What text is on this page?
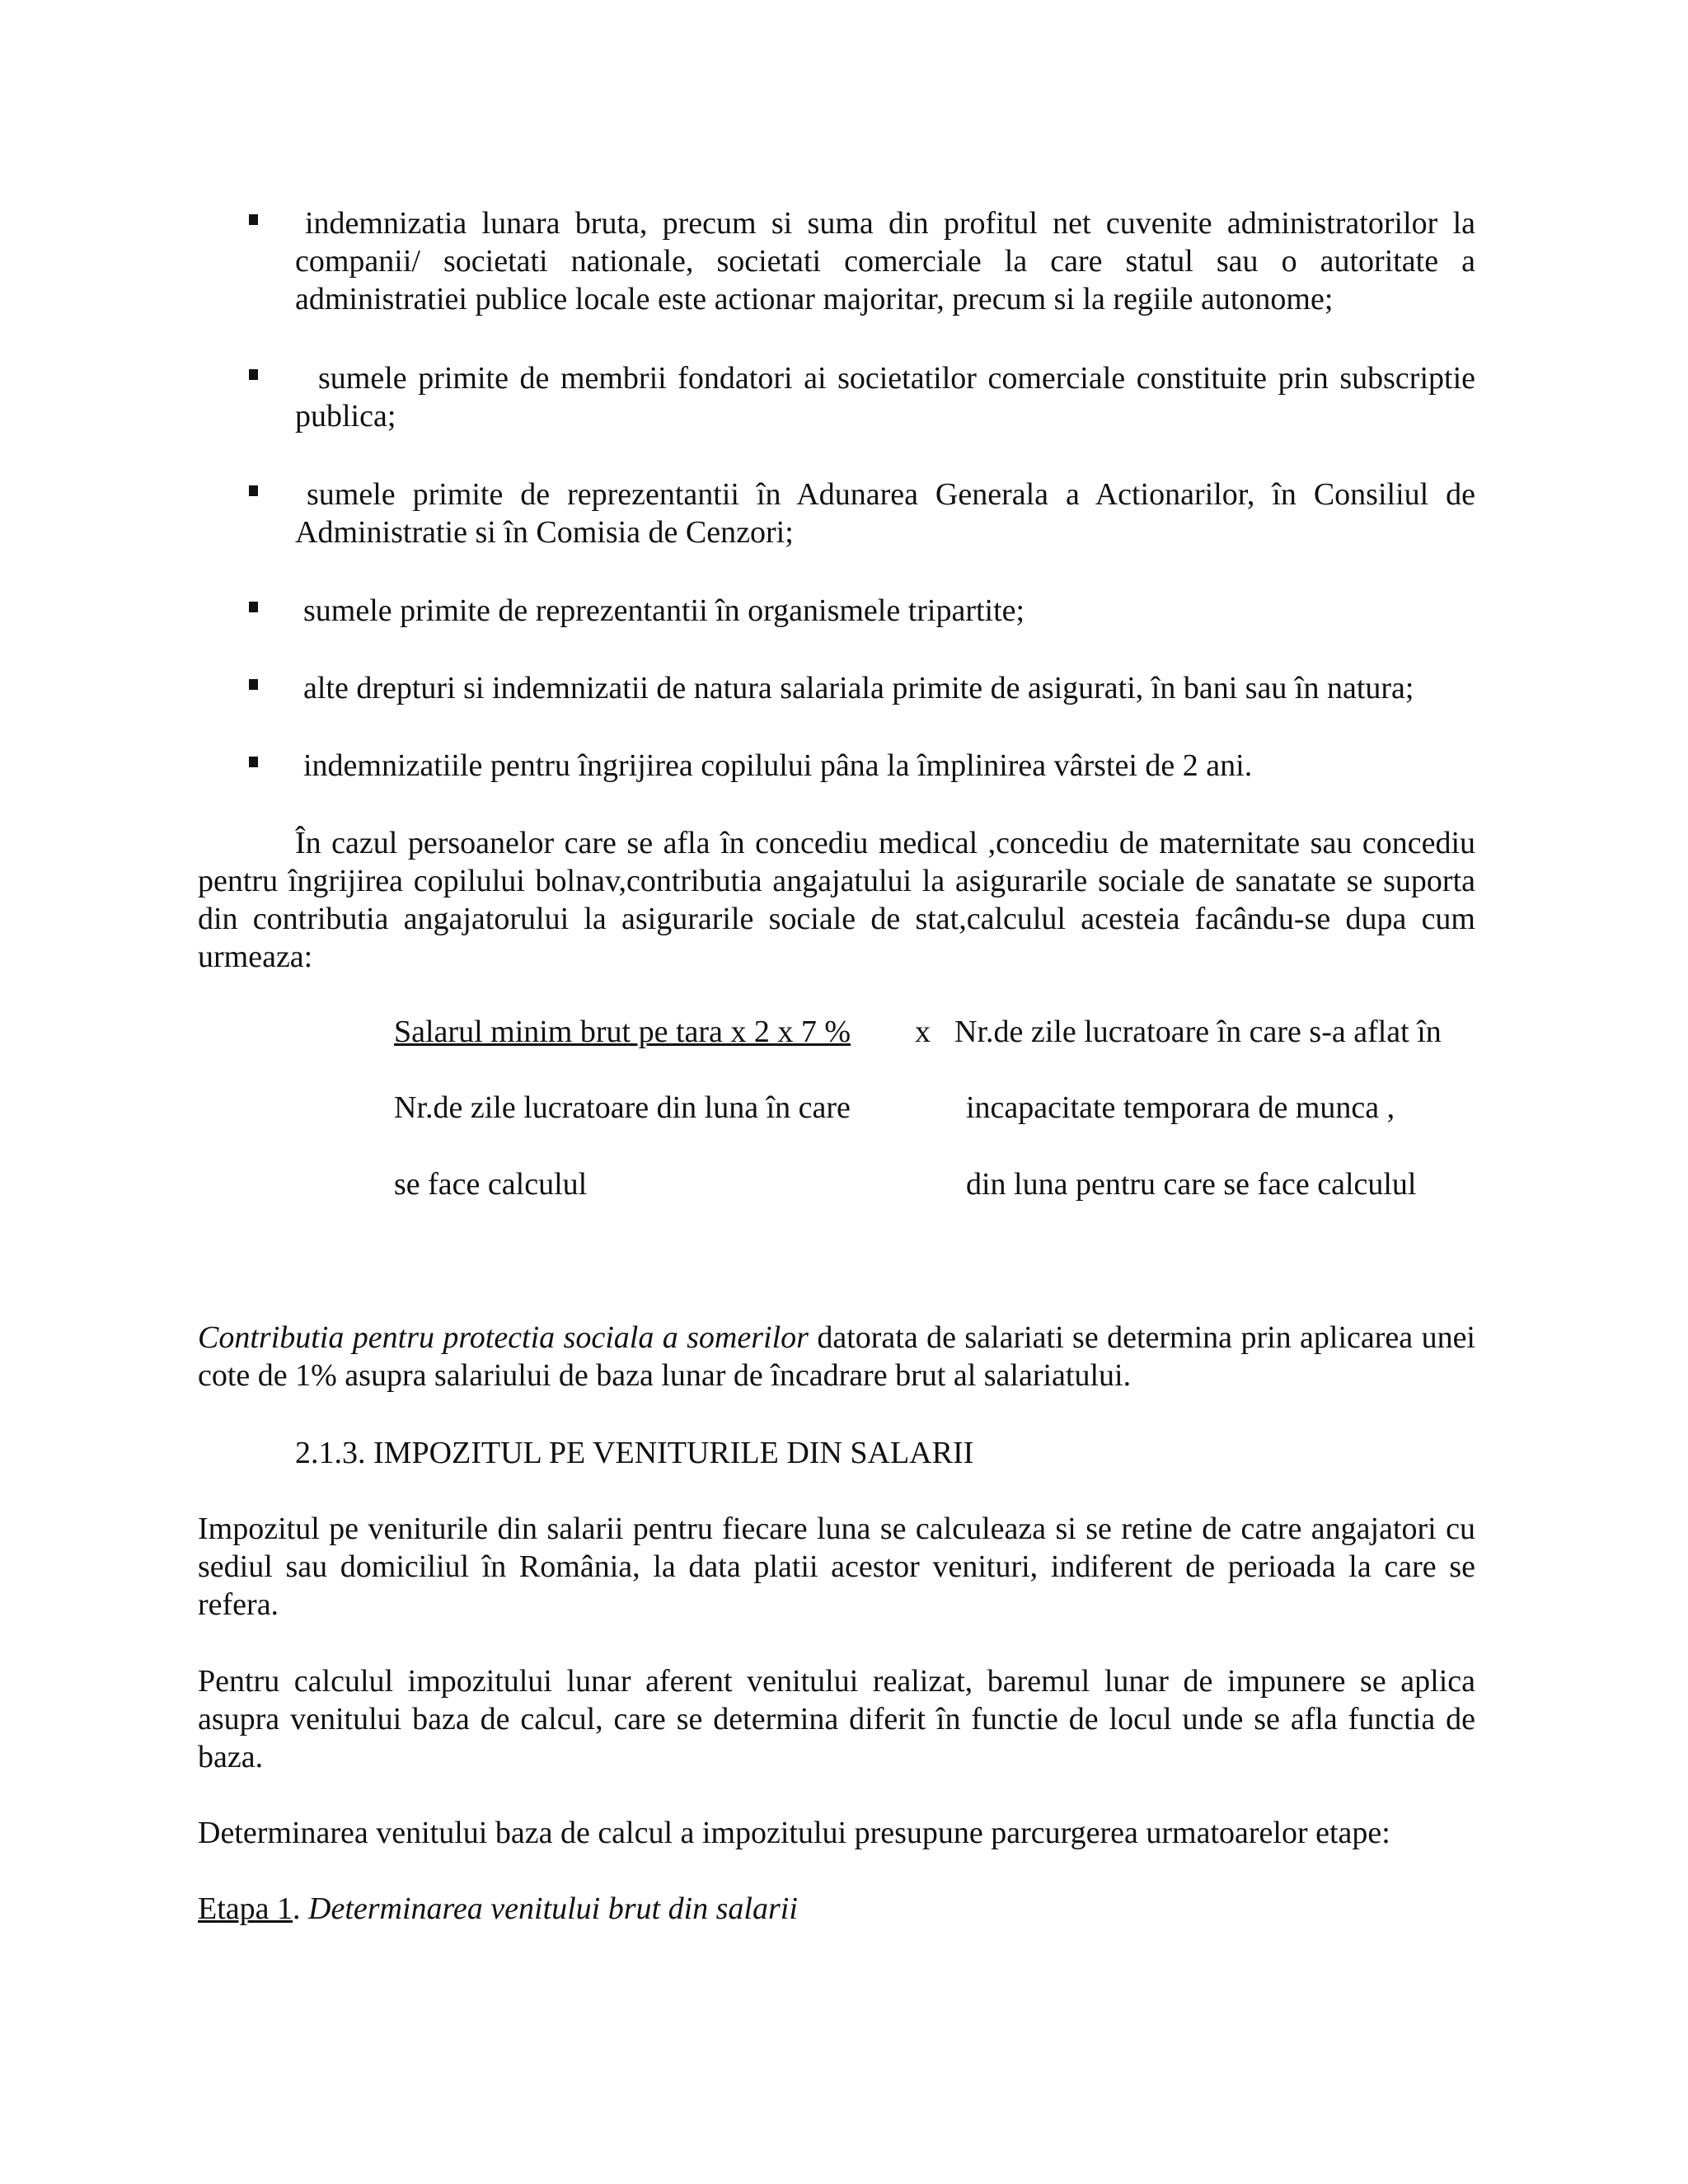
indemnizatia lunara bruta, precum si suma din profitul net cuvenite administratorilor la companii/ societati nationale, societati comerciale la care statul sau o autoritate a administratiei publice locale este actionar majoritar, precum si la regiile autonome;
sumele primite de membrii fondatori ai societatilor comerciale constituite prin subscriptie publica;
sumele primite de reprezentantii în Adunarea Generala a Actionarilor, în Consiliul de Administratie si în Comisia de Cenzori;
sumele primite de reprezentantii în organismele tripartite;
alte drepturi si indemnizatii de natura salariala primite de asigurati, în bani sau în natura;
indemnizatiile pentru îngrijirea copilului pâna la împlinirea vârstei de 2 ani.

În cazul persoanelor care se afla în concediu medical ,concediu de maternitate sau concediu pentru îngrijirea copilului bolnav,contributia angajatului la asigurarile sociale de sanatate se suporta din contributia angajatorului la asigurarile sociale de stat,calculul acesteia facându-se dupa cum urmeaza:

Salarul minim brut pe tara x 2 x 7 %	x Nr.de zile lucratoare în care s-a aflat în
Nr.de zile lucratoare din luna în care	incapacitate temporara de munca ,
se face calculul	din luna pentru care se face calculul

Contributia pentru protectia sociala a somerilor datorata de salariati se determina prin aplicarea unei cote de 1% asupra salariului de baza lunar de încadrare brut al salariatului.

2.1.3. IMPOZITUL PE VENITURILE DIN SALARII

Impozitul pe veniturile din salarii pentru fiecare luna se calculeaza si se retine de catre angajatori cu sediul sau domiciliul în România, la data platii acestor venituri, indiferent de perioada la care se refera.

Pentru calculul impozitului lunar aferent venitului realizat, baremul lunar de impunere se aplica asupra venitului baza de calcul, care se determina diferit în functie de locul unde se afla functia de baza.

Determinarea venitului baza de calcul a impozitului presupune parcurgerea urmatoarelor etape:

Etapa 1. Determinarea venitului brut din salarii
